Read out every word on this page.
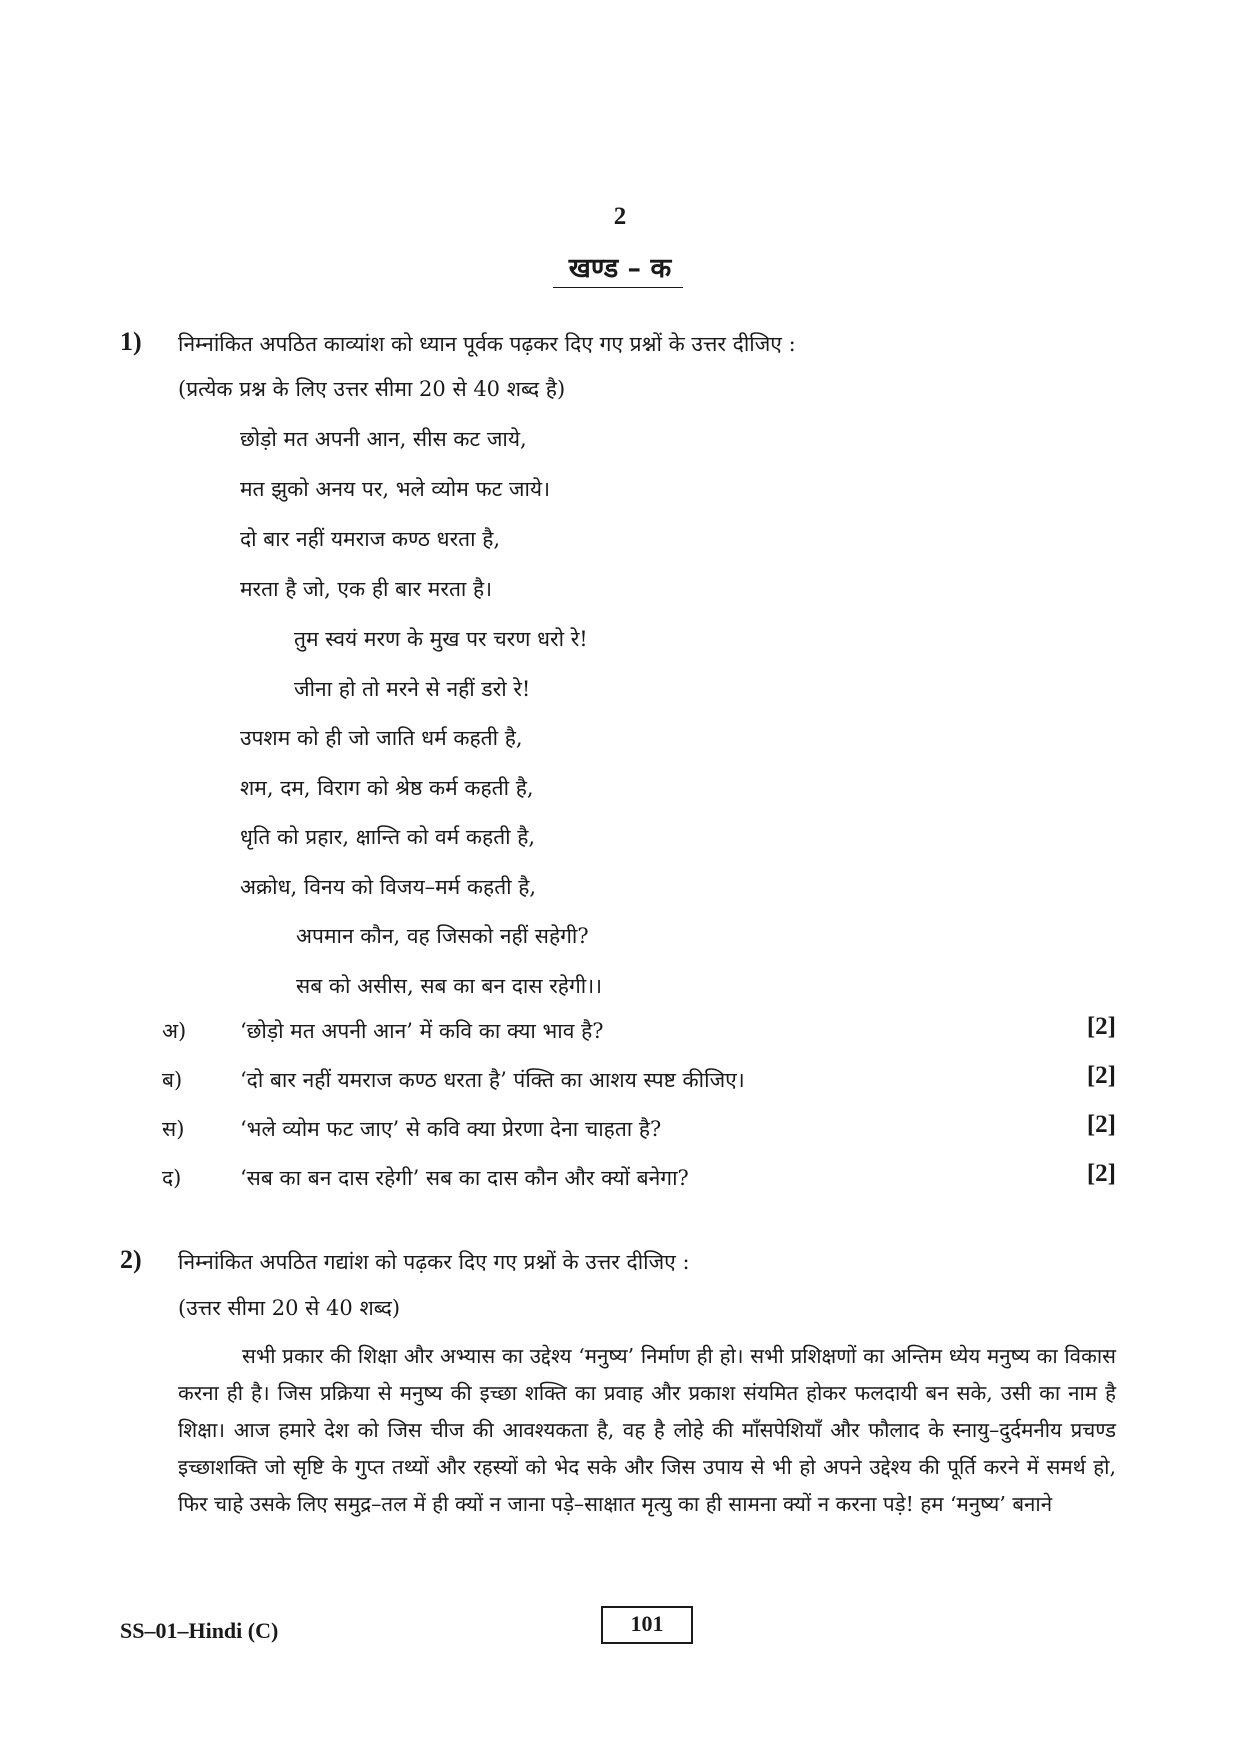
2
खण्ड – क
1) निम्नांकित अपठित काव्यांश को ध्यान पूर्वक पढ़कर दिए गए प्रश्नों के उत्तर दीजिए :
(प्रत्येक प्रश्न के लिए उत्तर सीमा 20 से 40 शब्द है)
छोड़ो मत अपनी आन, सीस कट जाये,
मत झुको अनय पर, भले व्योम फट जाये।
दो बार नहीं यमराज कण्ठ धरता है,
मरता है जो, एक ही बार मरता है।
तुम स्वयं मरण के मुख पर चरण धरो रे!
जीना हो तो मरने से नहीं डरो रे!
उपशम को ही जो जाति धर्म कहती है,
शम, दम, विराग को श्रेष्ठ कर्म कहती है,
धृति को प्रहार, क्षान्ति को वर्म कहती है,
अक्रोध, विनय को विजय–मर्म कहती है,
अपमान कौन, वह जिसको नहीं सहेगी?
सब को असीस, सब का बन दास रहेगी।।
अ)	‘छोड़ो मत अपनी आन’ में कवि का क्या भाव है?	[2]
ब)	‘दो बार नहीं यमराज कण्ठ धरता है’ पंक्ति का आशय स्पष्ट कीजिए।	[2]
स)	‘भले व्योम फट जाए’ से कवि क्या प्रेरणा देना चाहता है?	[2]
द)	‘सब का बन दास रहेगी’ सब का दास कौन और क्यों बनेगा?	[2]
2) निम्नांकित अपठित गद्यांश को पढ़कर दिए गए प्रश्नों के उत्तर दीजिए :
(उत्तर सीमा 20 से 40 शब्द)

सभी प्रकार की शिक्षा और अभ्यास का उद्देश्य ‘मनुष्य’ निर्माण ही हो। सभी प्रशिक्षणों का अन्तिम ध्येय मनुष्य का विकास करना ही है। जिस प्रक्रिया से मनुष्य की इच्छा शक्ति का प्रवाह और प्रकाश संयमित होकर फलदायी बन सके, उसी का नाम है शिक्षा। आज हमारे देश को जिस चीज की आवश्यकता है, वह है लोहे की माँसपेशियाँ और फौलाद के स्नायु–दुर्दमनीय प्रचण्ड इच्छाशक्ति जो सृष्टि के गुप्त तथ्यों और रहस्यों को भेद सके और जिस उपाय से भी हो अपने उद्देश्य की पूर्ति करने में समर्थ हो, फिर चाहे उसके लिए समुद्र–तल में ही क्यों न जाना पड़े–साक्षात मृत्यु का ही सामना क्यों न करना पड़े! हम ‘मनुष्य’ बनाने

SS–01–Hindi (C)	101
